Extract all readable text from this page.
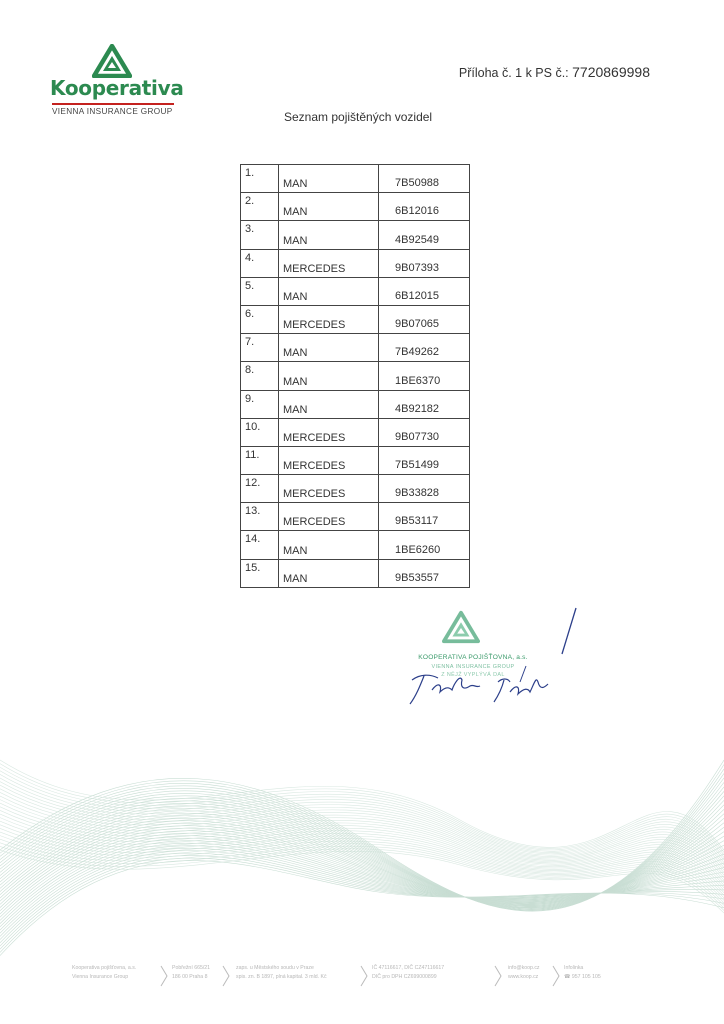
Kooperativa
VIENNA INSURANCE GROUP
Příloha č. 1 k PS č.: 7720869998
Seznam pojištěných vozidel
1.	MAN	7B50988
2.	MAN	6B12016
3.	MAN	4B92549
4.	MERCEDES	9B07393
5.	MAN	6B12015
6.	MERCEDES	9B07065
7.	MAN	7B49262
8.	MAN	1BE6370
9.	MAN	4B92182
10.	MERCEDES	9B07730
11.	MERCEDES	7B51499
12.	MERCEDES	9B33828
13.	MERCEDES	9B53117
14.	MAN	1BE6260
15.	MAN	9B53557
KOOPERATIVA POJIŠŤOVNA, a.s.
VIENNA INSURANCE GROUP
Z NĚJŽ VYPLÝVÁ DAL
Kooperativa pojišťovna, a.s.
Vienna Insurance Group
Pobřežní 665/21
186 00 Praha 8
zaps. u Městského soudu v Praze
spis. zn. B 1897, plná kapital. 3 mld. Kč
IČ 47116617, DIČ CZ47116617
DIČ pro DPH CZ699000899
info@koop.cz
www.koop.cz
Infolinka
☎ 957 105 105
